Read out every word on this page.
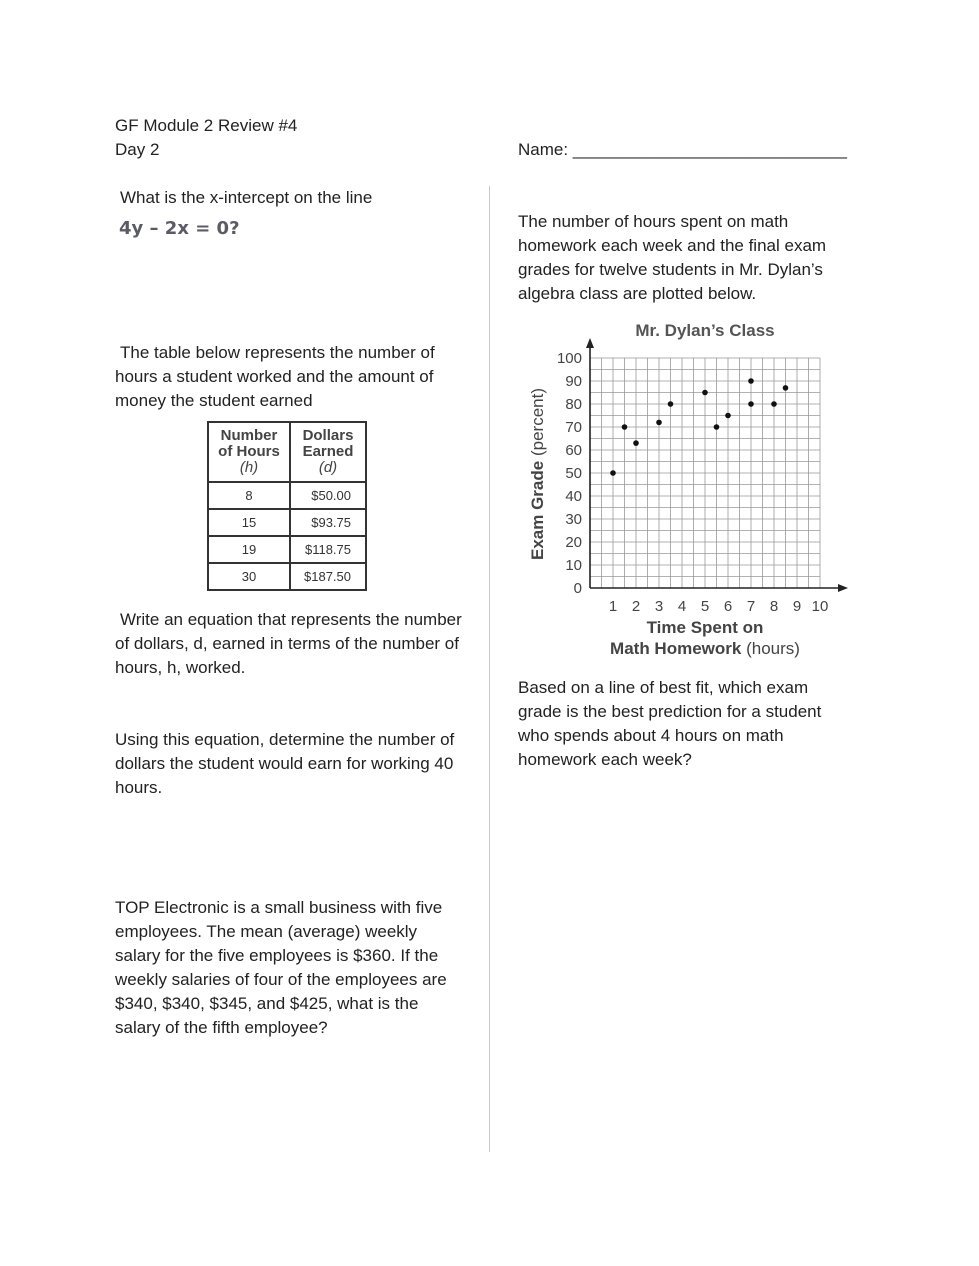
GF Module 2 Review #4
Day 2	Name: _____________________________
What is the x-intercept on the line
4y – 2x = 0?
The table below represents the number of hours a student worked and the amount of money the student earned
Number
of Hours
(h)	Dollars
Earned
(d)
8	$50.00
15	$93.75
19	$118.75
30	$187.50
Write an equation that represents the number of dollars, d, earned in terms of the number of hours, h, worked.
Using this equation, determine the number of dollars the student would earn for working 40 hours.
TOP Electronic is a small business with five employees. The mean (average) weekly salary for the five employees is $360. If the weekly salaries of four of the employees are $340, $340, $345, and $425, what is the salary of the fifth employee?
The number of hours spent on math homework each week and the final exam grades for twelve students in Mr. Dylan’s algebra class are plotted below.
Mr. Dylan’s Class
1 2 3 4 5 6 7 8 9 10
0
10
20
30
40
50
60
70
80
90
100
Time Spent on
Math Homework (hours)
Exam Grade (percent)
Based on a line of best fit, which exam grade is the best prediction for a student who spends about 4 hours on math homework each week?
